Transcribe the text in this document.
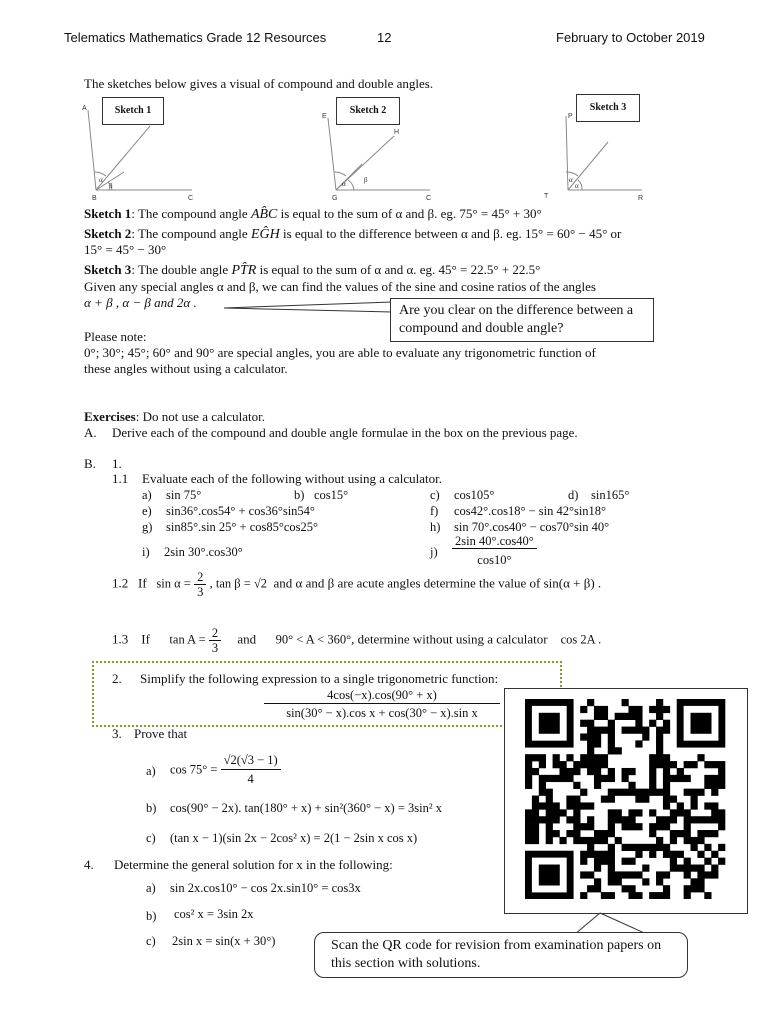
Telematics Mathematics Grade 12 Resources	12	February to October 2019
The sketches below gives a visual of compound and double angles.
A
B	C
α
β
Sketch 1
E
H
G	C
α	β
Sketch 2
P
T	R
α
α
Sketch 3
Sketch 1: The compound angle AB̂C is equal to the sum of α and β. eg. 75° = 45° + 30°
Sketch 2: The compound angle EĜH is equal to the difference between α and β. eg. 15° = 60° − 45° or
15° = 45° − 30°
Sketch 3: The double angle PT̂R is equal to the sum of α and α. eg. 45° = 22.5° + 22.5°
Given any special angles α and β, we can find the values of the sine and cosine ratios of the angles
α + β , α − β and 2α .
Are you clear on the difference between a compound and double angle?
Please note:
0°; 30°; 45°; 60° and 90° are special angles, you are able to evaluate any trigonometric function of
these angles without using a calculator.
Exercises: Do not use a calculator.
A. Derive each of the compound and double angle formulae in the box on the previous page.
B. 1.
1.1 Evaluate each of the following without using a calculator.
a) sin 75°	b) cos15°	c) cos105°	d) sin165°
e) sin36°.cos54° + cos36°sin54°	f) cos42°.cos18° − sin 42°sin18°
g) sin85°.sin 25° + cos85°cos25°	h) sin 70°.cos40° − cos70°sin 40°
i) 2sin 30°.cos30°	$j) \frac{2\sin 40^\circ.\cos 40^\circ}{\cos 10^\circ}$
1.2 If $\sin \alpha = \frac{2}{3}$ , tan β = √2 and α and β are acute angles determine the value of sin(α + β) .
1.3 If $\tan A = \frac{2}{3}$ and 90° < A < 360°, determine without using a calculator cos 2A .
2. Simplify the following expression to a single trigonometric function:
$\frac{4\cos(-x).\cos(90^\circ + x)}{\text{sin(30° − x).cos x + cos(30° − x).sin x}}$
3. Prove that
a) $\cos 75^\circ = \frac{√2(√3 - 1)}{4}$
b) cos(90° − 2x). tan(180° + x) + sin²(360° − x) = 3sin² x
c) (tan x − 1)(sin 2x − 2cos² x) = 2(1 − 2sin x cos x)
4. Determine the general solution for x in the following:
a) sin 2x.cos10° − cos 2x.sin10° = cos3x
b) cos² x = 3sin 2x
c) 2sin x = sin(x + 30°)	Scan the QR code for revision from examination papers on this section with solutions.
